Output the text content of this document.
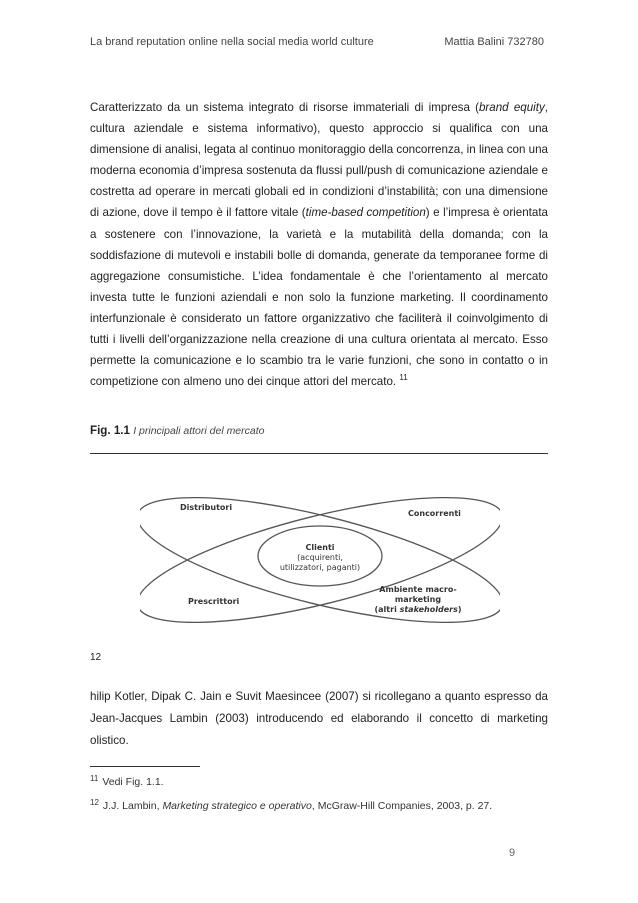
La brand reputation online nella social media world culture	Mattia Balini 732780

Caratterizzato da un sistema integrato di risorse immateriali di impresa (brand equity, cultura aziendale e sistema informativo), questo approccio si qualifica con una dimensione di analisi, legata al continuo monitoraggio della concorrenza, in linea con una moderna economia d’impresa sostenuta da flussi pull/push di comunicazione aziendale e costretta ad operare in mercati globali ed in condizioni d’instabilità; con una dimensione di azione, dove il tempo è il fattore vitale (time-based competition) e l’impresa è orientata a sostenere con l’innovazione, la varietà e la mutabilità della domanda; con la soddisfazione di mutevoli e instabili bolle di domanda, generate da temporanee forme di aggregazione consumistiche. L’idea fondamentale è che l’orientamento al mercato investa tutte le funzioni aziendali e non solo la funzione marketing. Il coordinamento interfunzionale è considerato un fattore organizzativo che faciliterà il coinvolgimento di tutti i livelli dell’organizzazione nella creazione di una cultura orientata al mercato. Esso permette la comunicazione e lo scambio tra le varie funzioni, che sono in contatto o in competizione con almeno uno dei cinque attori del mercato. $^{11}$

Fig. 1.1 I principali attori del mercato
Distributori
Concorrenti
Prescrittori
Clienti
(acquirenti,
utilizzatori, paganti)
Ambiente macro-
marketing
(altri stakeholders)
12

hilip Kotler, Dipak C. Jain e Suvit Maesincee (2007) si ricollegano a quanto espresso da Jean-Jacques Lambin (2003) introducendo ed elaborando il concetto di marketing olistico.

$^{11}$ Vedi Fig. 1.1.
$^{12}$ J.J. Lambin, Marketing strategico e operativo, McGraw-Hill Companies, 2003, p. 27.
9
